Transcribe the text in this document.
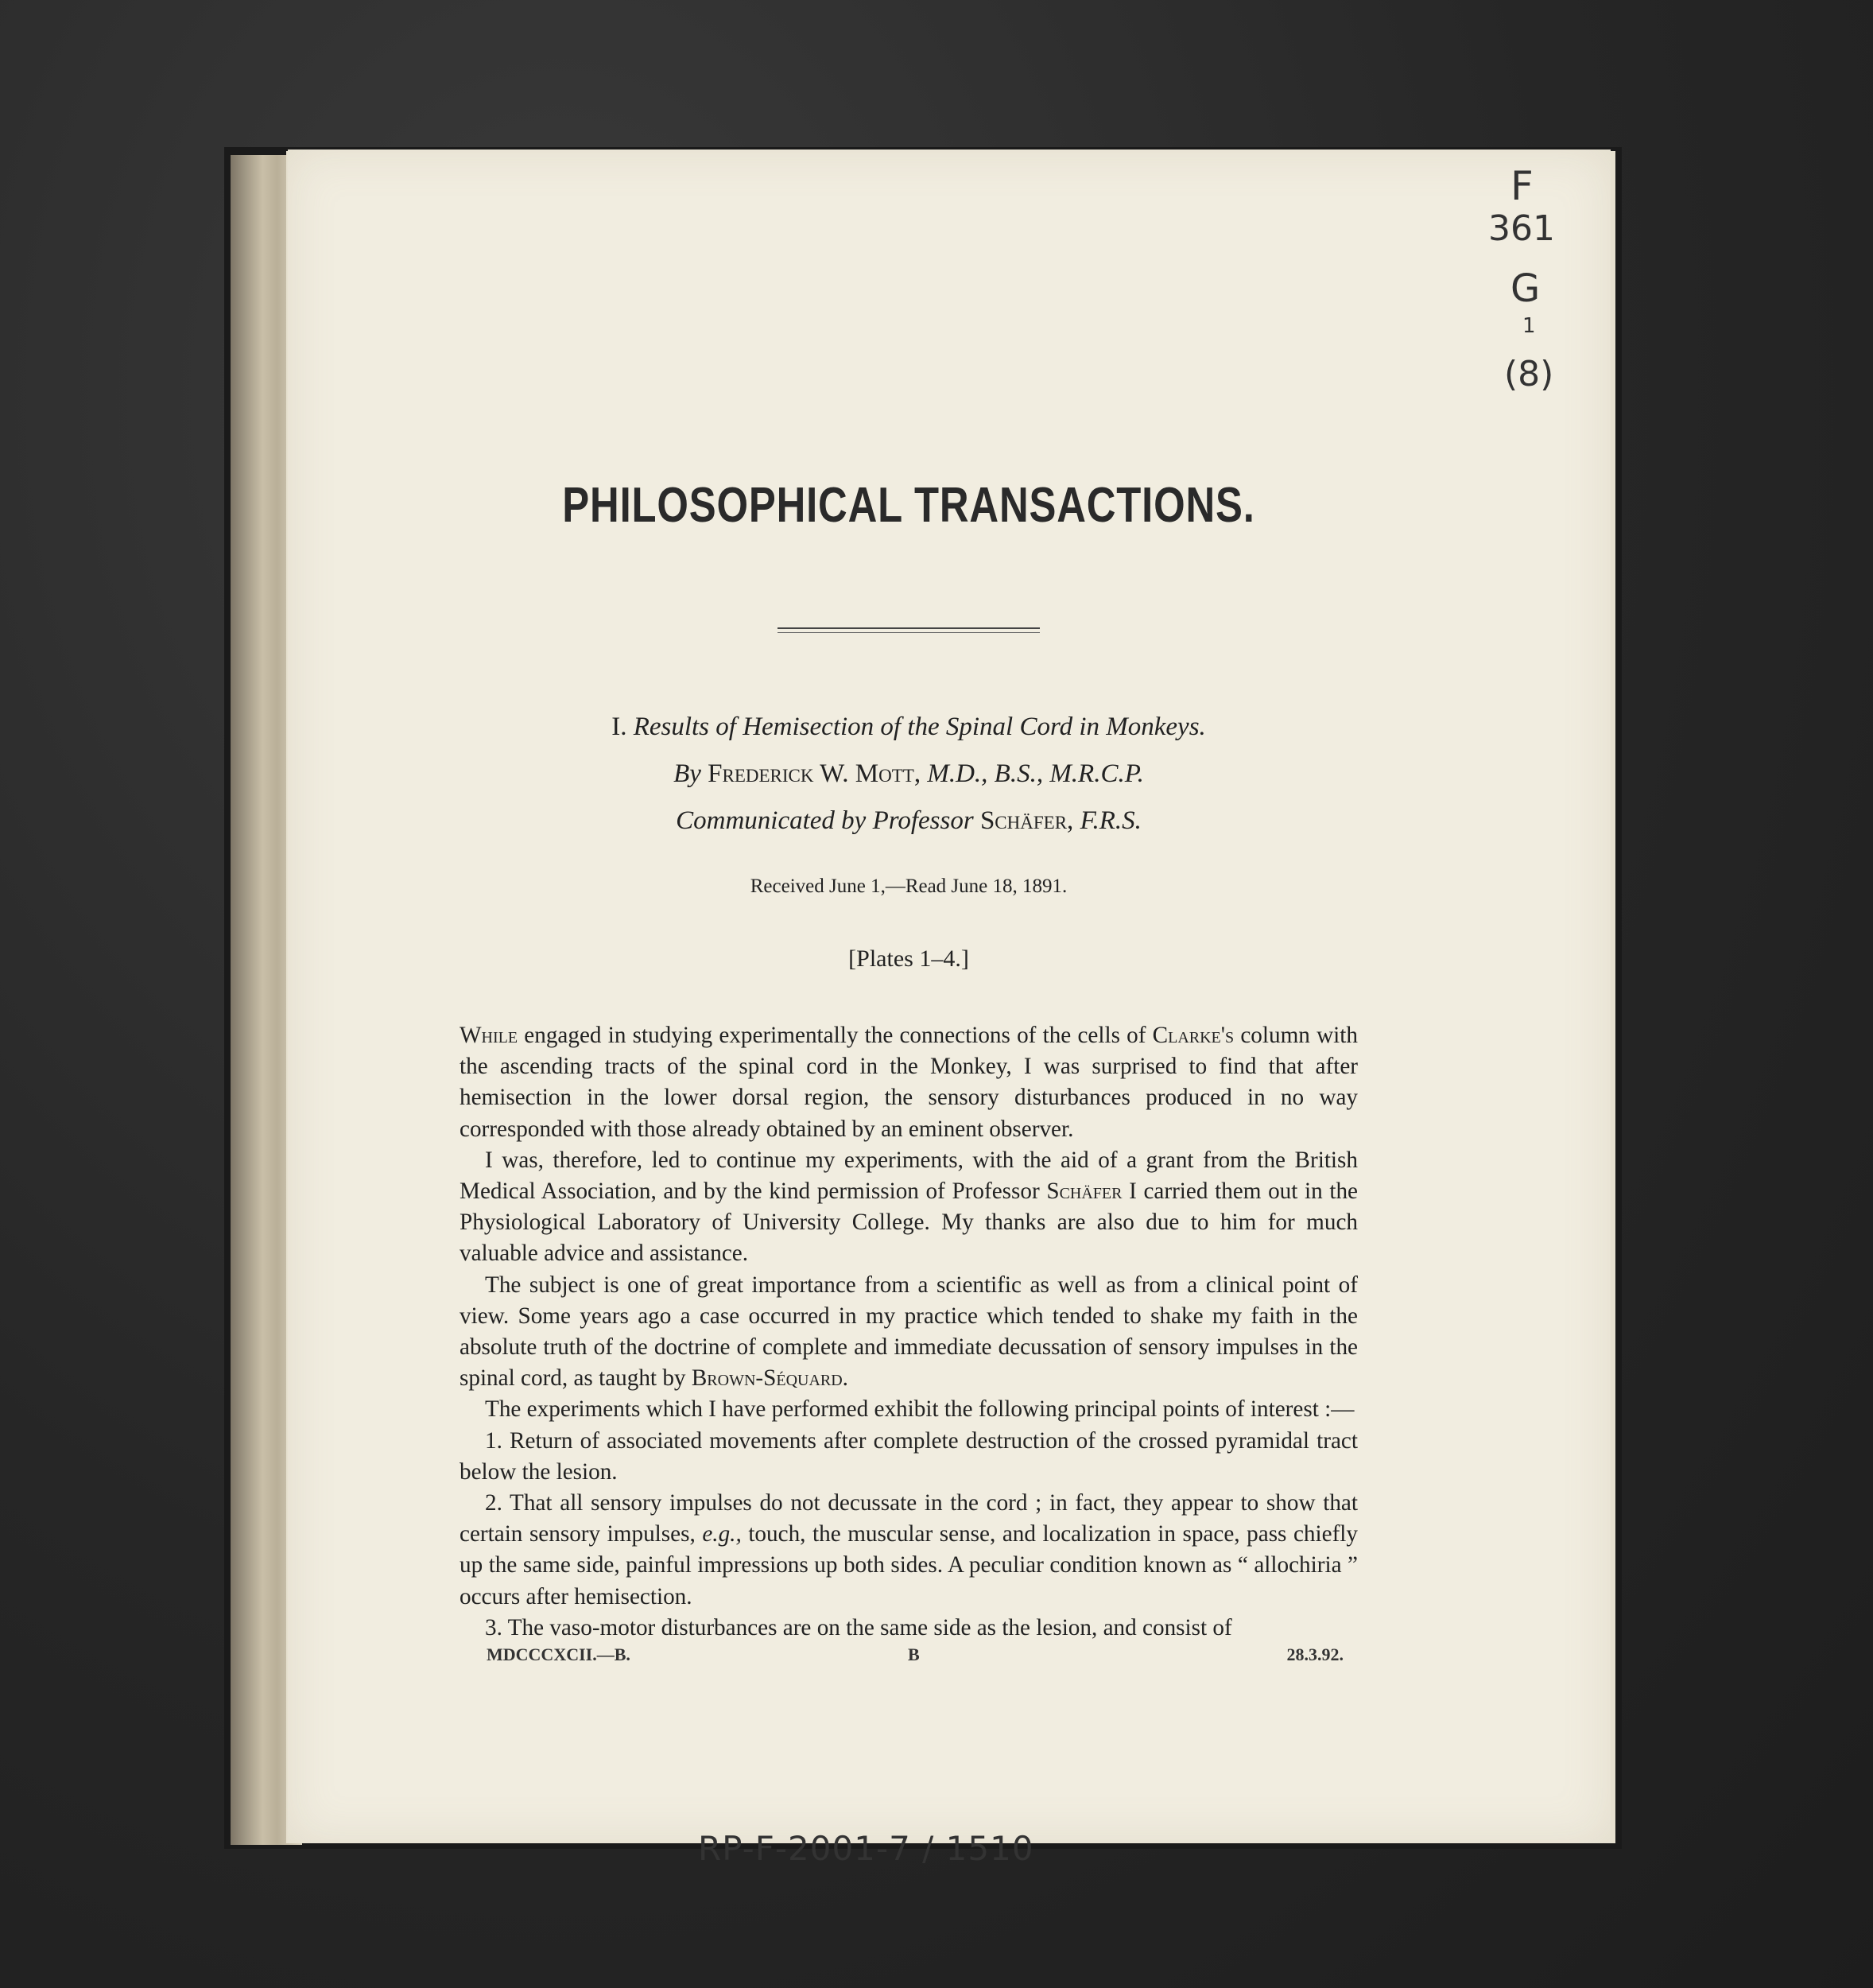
F
361
G
1
(8)
PHILOSOPHICAL TRANSACTIONS.
I. Results of Hemisection of the Spinal Cord in Monkeys.
By Frederick W. Mott, M.D., B.S., M.R.C.P.
Communicated by Professor Schäfer, F.R.S.
Received June 1,—Read June 18, 1891.
[Plates 1–4.]

While engaged in studying experimentally the connections of the cells of Clarke's column with the ascending tracts of the spinal cord in the Monkey, I was surprised to find that after hemisection in the lower dorsal region, the sensory disturbances produced in no way corresponded with those already obtained by an eminent observer.

I was, therefore, led to continue my experiments, with the aid of a grant from the British Medical Association, and by the kind permission of Professor Schäfer I carried them out in the Physiological Laboratory of University College. My thanks are also due to him for much valuable advice and assistance.

The subject is one of great importance from a scientific as well as from a clinical point of view. Some years ago a case occurred in my practice which tended to shake my faith in the absolute truth of the doctrine of complete and immediate decussation of sensory impulses in the spinal cord, as taught by Brown-Séquard.

The experiments which I have performed exhibit the following principal points of interest :—

1. Return of associated movements after complete destruction of the crossed pyramidal tract below the lesion.

2. That all sensory impulses do not decussate in the cord ; in fact, they appear to show that certain sensory impulses, e.g., touch, the muscular sense, and localization in space, pass chiefly up the same side, painful impressions up both sides. A peculiar condition known as “ allochiria ” occurs after hemisection.

3. The vaso-motor disturbances are on the same side as the lesion, and consist of

MDCCCXCII.—B.	B	28.3.92.
RP-F-2001-7 / 1510
